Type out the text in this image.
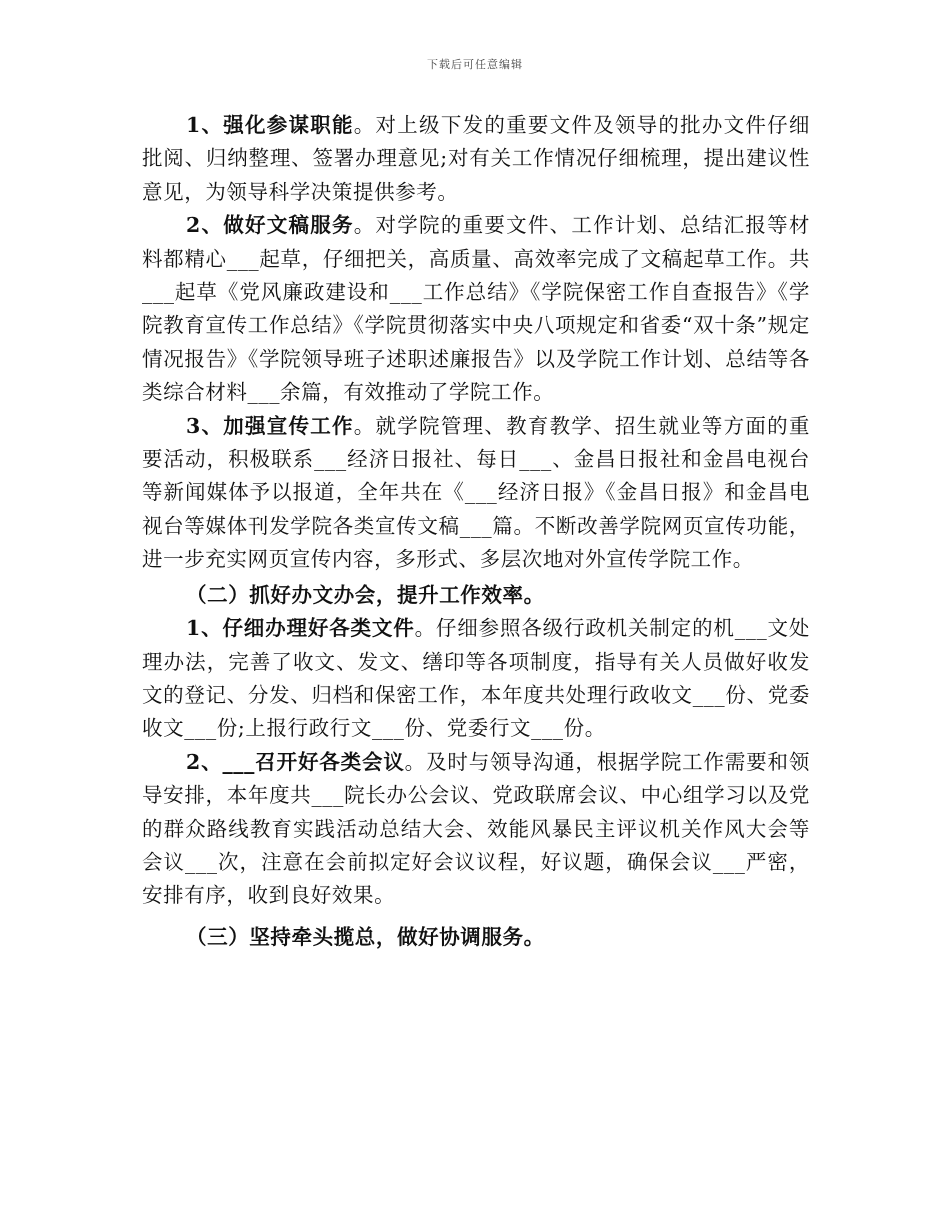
下载后可任意编辑

1、强化参谋职能。对上级下发的重要文件及领导的批办文件仔细批阅、归纳整理、签署办理意见;对有关工作情况仔细梳理，提出建议性意见，为领导科学决策提供参考。

2、做好文稿服务。对学院的重要文件、工作计划、总结汇报等材料都精心___起草，仔细把关，高质量、高效率完成了文稿起草工作。共___起草《党风廉政建设和___工作总结》《学院保密工作自查报告》《学院教育宣传工作总结》《学院贯彻落实中央八项规定和省委“双十条”规定情况报告》《学院领导班子述职述廉报告》以及学院工作计划、总结等各类综合材料___余篇，有效推动了学院工作。

3、加强宣传工作。就学院管理、教育教学、招生就业等方面的重要活动，积极联系___经济日报社、每日___、金昌日报社和金昌电视台等新闻媒体予以报道，全年共在《___经济日报》《金昌日报》和金昌电视台等媒体刊发学院各类宣传文稿___篇。不断改善学院网页宣传功能，进一步充实网页宣传内容，多形式、多层次地对外宣传学院工作。

（二）抓好办文办会，提升工作效率。

1、仔细办理好各类文件。仔细参照各级行政机关制定的机___文处理办法，完善了收文、发文、缮印等各项制度，指导有关人员做好收发文的登记、分发、归档和保密工作，本年度共处理行政收文___份、党委收文___份;上报行政行文___份、党委行文___份。

2、___召开好各类会议。及时与领导沟通，根据学院工作需要和领导安排，本年度共___院长办公会议、党政联席会议、中心组学习以及党的群众路线教育实践活动总结大会、效能风暴民主评议机关作风大会等会议___次，注意在会前拟定好会议议程，好议题，确保会议___严密，安排有序，收到良好效果。

（三）坚持牵头揽总，做好协调服务。
